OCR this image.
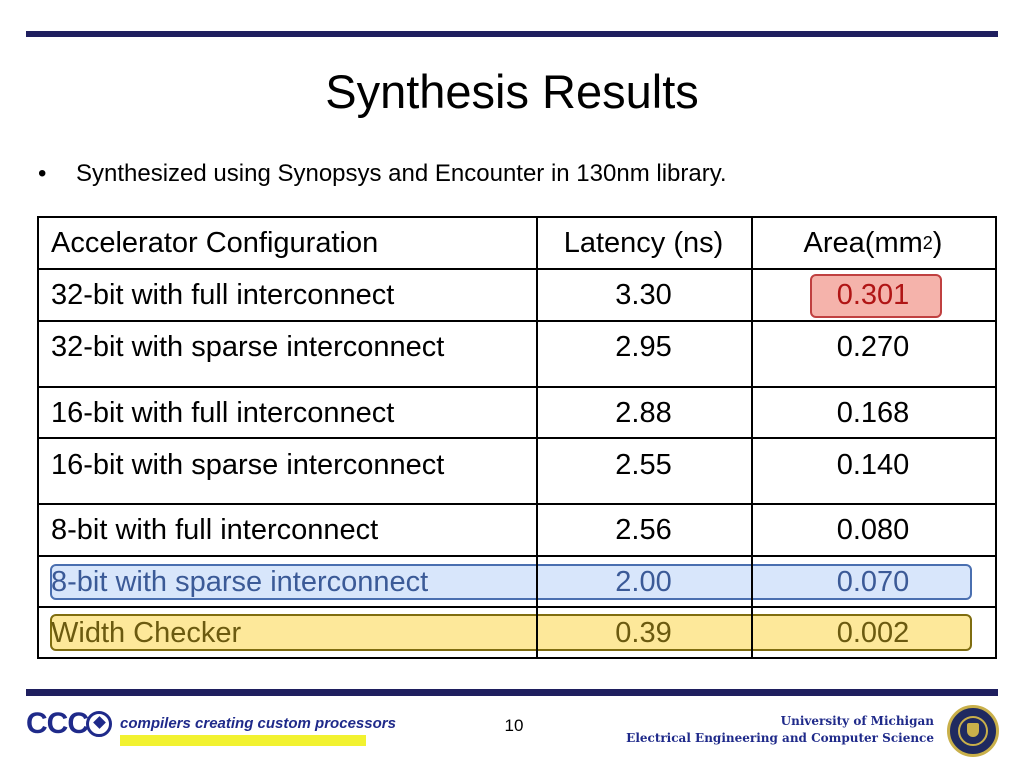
Synthesis Results
•	Synthesized using Synopsys and Encounter in 130nm library.
Accelerator Configuration	Latency (ns)	Area(mm 2 )
32-bit with full interconnect	3.30	0.301
32-bit with sparse interconnect	2.95	0.270
16-bit with full interconnect	2.88	0.168
16-bit with sparse interconnect	2.55	0.140
8-bit with full interconnect	2.56	0.080
8-bit with sparse interconnect	2.00	0.070
Width Checker	0.39	0.002
CCC compilers creating custom processors	10	University of Michigan
Electrical Engineering and Computer Science
